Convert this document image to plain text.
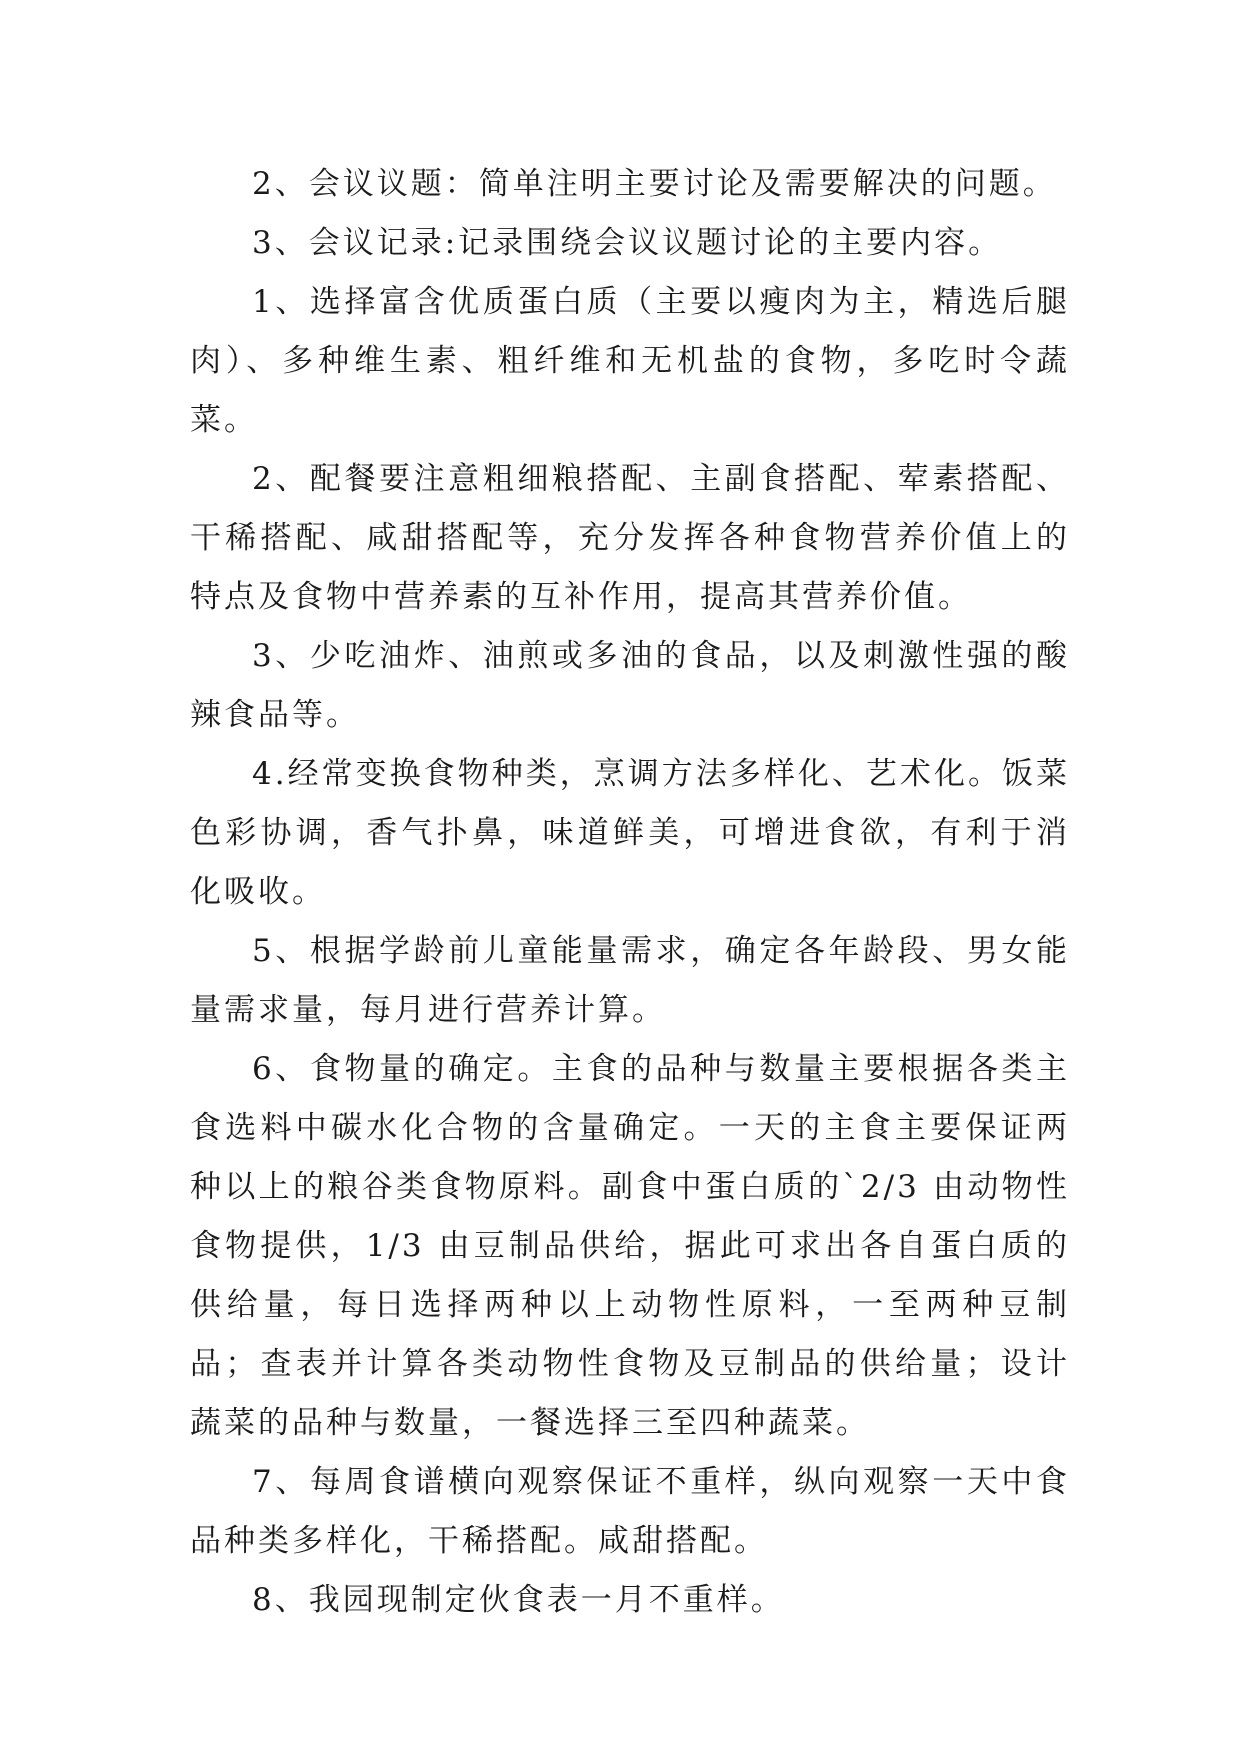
2、会议议题：简单注明主要讨论及需要解决的问题。

3、会议记录:记录围绕会议议题讨论的主要内容。

1、选择富含优质蛋白质（主要以瘦肉为主，精选后腿肉）、多种维生素、粗纤维和无机盐的食物，多吃时令蔬菜。

2、配餐要注意粗细粮搭配、主副食搭配、荤素搭配、干稀搭配、咸甜搭配等，充分发挥各种食物营养价值上的特点及食物中营养素的互补作用，提高其营养价值。

3、少吃油炸、油煎或多油的食品，以及刺激性强的酸辣食品等。

4.经常变换食物种类，烹调方法多样化、艺术化。饭菜色彩协调，香气扑鼻，味道鲜美，可增进食欲，有利于消化吸收。

5、根据学龄前儿童能量需求，确定各年龄段、男女能量需求量，每月进行营养计算。

6、食物量的确定。主食的品种与数量主要根据各类主食选料中碳水化合物的含量确定。一天的主食主要保证两种以上的粮谷类食物原料。副食中蛋白质的`2/3 由动物性食物提供，1/3 由豆制品供给，据此可求出各自蛋白质的供给量，每日选择两种以上动物性原料，一至两种豆制品；查表并计算各类动物性食物及豆制品的供给量；设计蔬菜的品种与数量，一餐选择三至四种蔬菜。

7、每周食谱横向观察保证不重样，纵向观察一天中食品种类多样化，干稀搭配。咸甜搭配。

8、我园现制定伙食表一月不重样。
